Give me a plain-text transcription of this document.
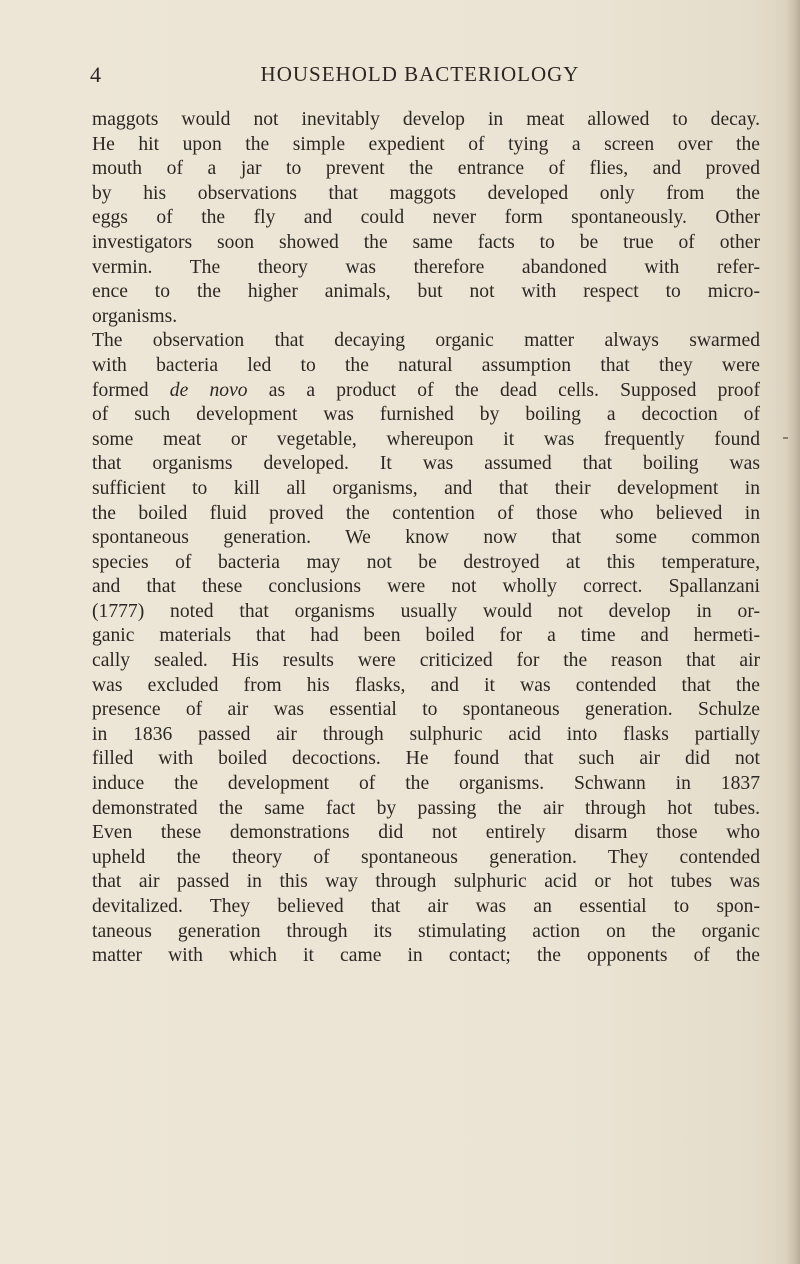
4	HOUSEHOLD BACTERIOLOGY
maggots would not inevitably develop in meat allowed to decay.
He hit upon the simple expedient of tying a screen over the
mouth of a jar to prevent the entrance of flies, and proved
by his observations that maggots developed only from the
eggs of the fly and could never form spontaneously. Other
investigators soon showed the same facts to be true of other
vermin. The theory was therefore abandoned with refer-
ence to the higher animals, but not with respect to micro-
organisms.
The observation that decaying organic matter always swarmed
with bacteria led to the natural assumption that they were
formed de novo as a product of the dead cells. Supposed proof
of such development was furnished by boiling a decoction of
some meat or vegetable, whereupon it was frequently found
that organisms developed. It was assumed that boiling was
sufficient to kill all organisms, and that their development in
the boiled fluid proved the contention of those who believed in
spontaneous generation. We know now that some common
species of bacteria may not be destroyed at this temperature,
and that these conclusions were not wholly correct. Spallanzani
(1777) noted that organisms usually would not develop in or-
ganic materials that had been boiled for a time and hermeti-
cally sealed. His results were criticized for the reason that air
was excluded from his flasks, and it was contended that the
presence of air was essential to spontaneous generation. Schulze
in 1836 passed air through sulphuric acid into flasks partially
filled with boiled decoctions. He found that such air did not
induce the development of the organisms. Schwann in 1837
demonstrated the same fact by passing the air through hot tubes.
Even these demonstrations did not entirely disarm those who
upheld the theory of spontaneous generation. They contended
that air passed in this way through sulphuric acid or hot tubes was
devitalized. They believed that air was an essential to spon-
taneous generation through its stimulating action on the organic
matter with which it came in contact; the opponents of the
